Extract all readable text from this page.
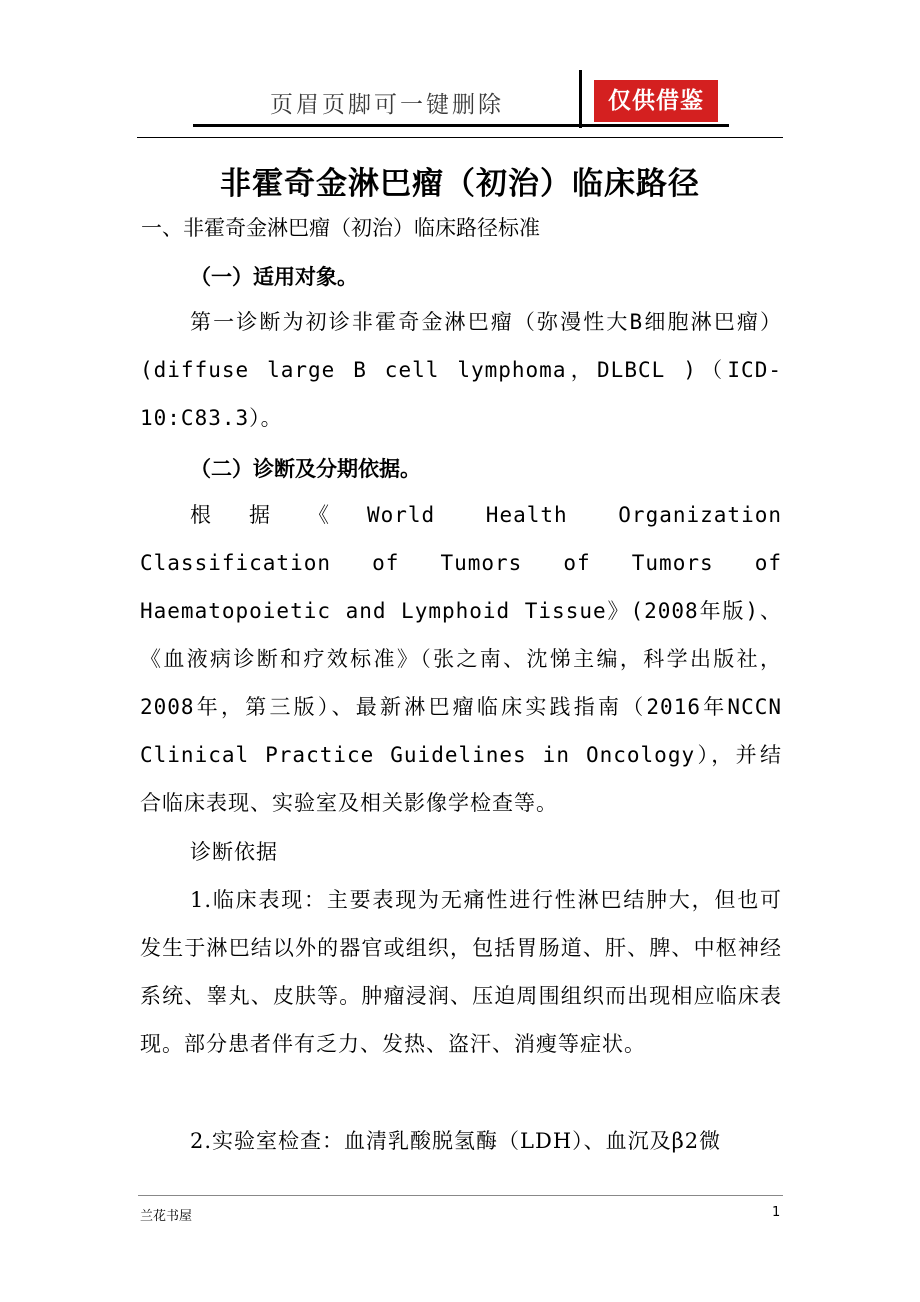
页眉页脚可一键删除	仅供借鉴
非霍奇金淋巴瘤（初治）临床路径
一、非霍奇金淋巴瘤（初治）临床路径标准
（一）适用对象。
第一诊断为初诊非霍奇金淋巴瘤（弥漫性大B细胞淋巴瘤）(diffuse large B cell lymphoma，DLBCL )（ICD-10:C83.3）。
（二）诊断及分期依据。
根据《World Health Organization Classification of Tumors of Tumors of Haematopoietic and Lymphoid Tissue》(2008年版)、《血液病诊断和疗效标准》（张之南、沈悌主编，科学出版社，2008年，第三版）、最新淋巴瘤临床实践指南（2016年NCCN Clinical Practice Guidelines in Oncology），并结合临床表现、实验室及相关影像学检查等。
诊断依据
1.临床表现：主要表现为无痛性进行性淋巴结肿大，但也可发生于淋巴结以外的器官或组织，包括胃肠道、肝、脾、中枢神经系统、睾丸、皮肤等。肿瘤浸润、压迫周围组织而出现相应临床表现。部分患者伴有乏力、发热、盗汗、消瘦等症状。
2.实验室检查：血清乳酸脱氢酶（LDH）、血沉及β2微
兰花书屋	1
